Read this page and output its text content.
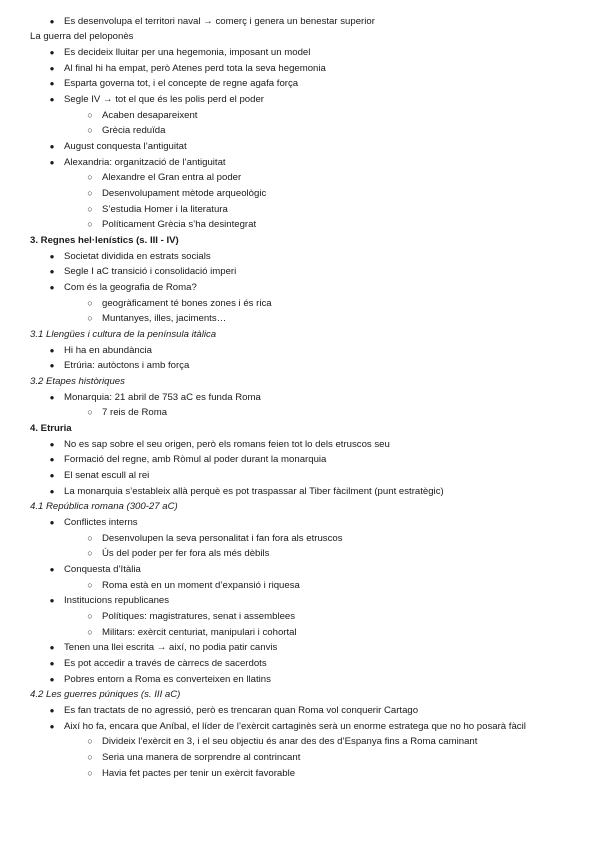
● Es desenvolupa el territori naval → comerç i genera un benestar superior
La guerra del peloponès
● Es decideix lluitar per una hegemonia, imposant un model
● Al final hi ha empat, però Atenes perd tota la seva hegemonia
● Esparta governa tot, i el concepte de regne agafa força
● Segle IV → tot el que és les polis perd el poder
○ Acaben desapareixent
○ Grècia reduïda
● August conquesta l’antiguitat
● Alexandria: organització de l’antiguitat
○ Alexandre el Gran entra al poder
○ Desenvolupament mètode arqueològic
○ S’estudia Homer i la literatura
○ Políticament Grècia s’ha desintegrat
3. Regnes hel·lenístics (s. III - IV)
● Societat dividida en estrats socials
● Segle I aC transició i consolidació imperi
● Com és la geografia de Roma?
○ geogràficament té bones zones i és rica
○ Muntanyes, illes, jaciments…
3.1 Llengües i cultura de la península itàlica
● Hi ha en abundància
● Etrúria: autòctons i amb força
3.2 Etapes històriques
● Monarquia: 21 abril de 753 aC es funda Roma
○ 7 reis de Roma
4. Etruria
● No es sap sobre el seu origen, però els romans feien tot lo dels etruscos seu
● Formació del regne, amb Ròmul al poder durant la monarquia
● El senat escull al rei
● La monarquia s’estableix allà perquè es pot traspassar al Tiber fàcilment (punt estratègic)
4.1 República romana (300-27 aC)
● Conflictes interns
○ Desenvolupen la seva personalitat i fan fora als etruscos
○ Ús del poder per fer fora als més dèbils
● Conquesta d’Itàlia
○ Roma està en un moment d’expansió i riquesa
● Institucions republicanes
○ Polítiques: magistratures, senat i assemblees
○ Militars: exèrcit centuriat, manipulari i cohortal
● Tenen una llei escrita → així, no podia patir canvis
● Es pot accedir a través de càrrecs de sacerdots
● Pobres entorn a Roma es converteixen en llatins
4.2 Les guerres púniques (s. III aC)
● Es fan tractats de no agressió, però es trencaran quan Roma vol conquerir Cartago
● Així ho fa, encara que Aníbal, el líder de l’exèrcit cartaginès serà un enorme estratega que no ho posarà fàcil
○ Divideix l’exèrcit en 3, i el seu objectiu és anar des des d’Espanya fins a Roma caminant
○ Seria una manera de sorprendre al contrincant
○ Havia fet pactes per tenir un exèrcit favorable
